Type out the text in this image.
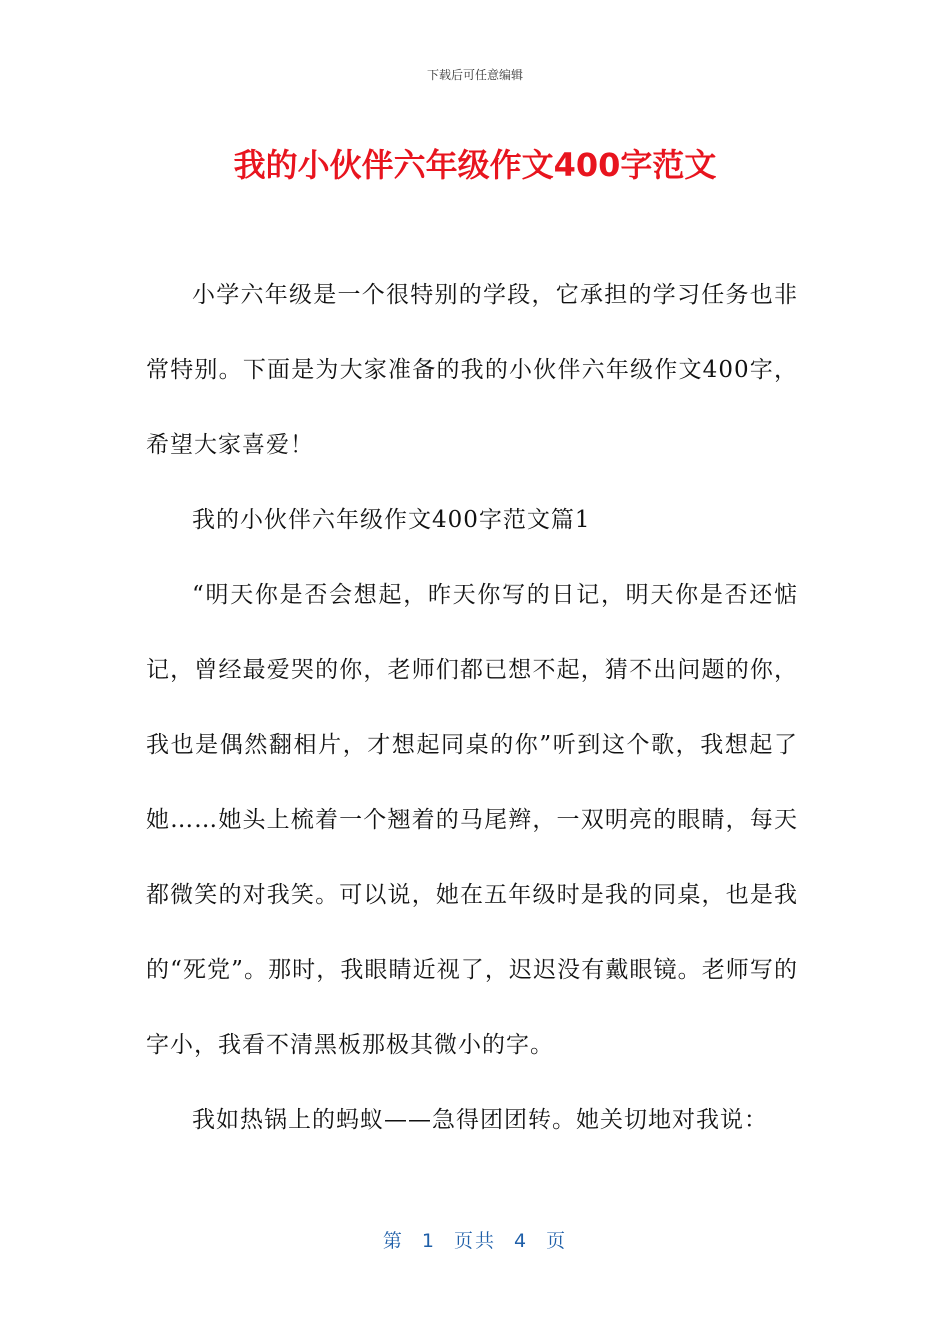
下载后可任意编辑
我的小伙伴六年级作文400字范文

小学六年级是一个很特别的学段，它承担的学习任务也非常特别。下面是为大家准备的我的小伙伴六年级作文400字，希望大家喜爱！

我的小伙伴六年级作文400字范文篇1

“明天你是否会想起，昨天你写的日记，明天你是否还惦记，曾经最爱哭的你，老师们都已想不起，猜不出问题的你，我也是偶然翻相片，才想起同桌的你”听到这个歌，我想起了她……她头上梳着一个翘着的马尾辫，一双明亮的眼睛，每天都微笑的对我笑。可以说，她在五年级时是我的同桌，也是我的“死党”。那时，我眼睛近视了，迟迟没有戴眼镜。老师写的字小，我看不清黑板那极其微小的字。

我如热锅上的蚂蚁——急得团团转。她关切地对我说：

第 1 页共 4 页
